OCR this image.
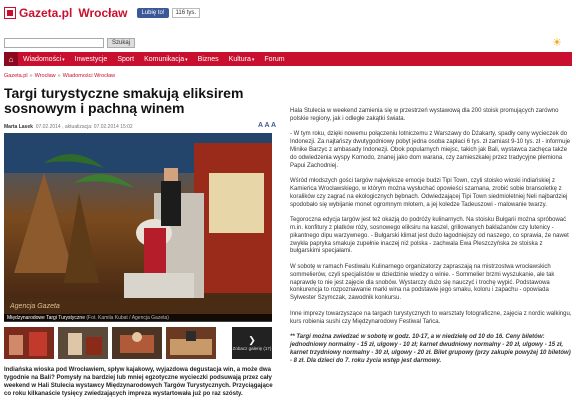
Gazeta.pl Wrocław	Lubię to!	116 tys.
Szukaj	☀
⌂	Wiadomości▾	Inwestycje	Sport	Komunikacja▾	Biznes	Kultura▾	Forum
Gazeta.pl » Wrocław » Wiadomości Wrocław
Targi turystyczne smakują eliksirem sosnowym i pachną winem
Marta Lasek 07.02.2014 , aktualizacja: 07.02.2014 15:02	A A A
Agencja Gazeta
Międzynarodowe Targi Turystyczne (Fot. Kamila Kubat / Agencja Gazeta)
❯
Zobacz galerię (17)

Indiańska wioska pod Wrocławiem, spływ kajakowy, wyjazdowa degustacja win, a może dwa tygodnie na Bali? Pomysły na bardziej lub mniej egzotyczne wycieczki podsuwają przez cały weekend w Hali Stulecia wystawcy Międzynarodowych Targów Turystycznych. Przyciągające co roku kilkanaście tysięcy zwiedzających impreza wystartowała już po raz szósty.

Hala Stulecia w weekend zamienia się w przestrzeń wystawową dla 200 stoisk promujących zarówno polskie regiony, jak i odległe zakątki świata.

- W tym roku, dzięki nowemu połączeniu lotniczemu z Warszawy do Dżakarty, spadły ceny wycieczek do Indonezji. Za najtańszy dwutygodniowy pobyt jedna osoba zapłaci 6 tys. zł zamiast 9-10 tys. zł - informuje Minike Barzyc z ambasady Indonezji. Obok popularnych miejsc, takich jak Bali, wystawca zachęca także do odwiedzenia wyspy Komodo, znanej jako dom warana, czy zamieszkałej przez tradycyjne plemiona Papui Zachodniej.

Wśród młodszych gości targów największe emocje budzi Tipi Town, czyli stoisko wioski indiańskiej z Kamieńca Wrocławskiego, w którym można wysłuchać opowieści szamana, zrobić sobie bransoletkę z koralików czy zagrać na ekologicznych bębnach. Odwiedzającej Tipi Town siedmioletniej Neli najbardziej spodobało się wybijanie monet ogromnym młotem, a jej koledze Tadeuszowi - malowanie twarzy.

Tegoroczna edycja targów jest też okazją do podróży kulinarnych. Na stoisku Bułgarii można spróbować m.in. konfitury z płatków róży, sosnowego eliksiru na kaszel, grillowanych baklażanów czy lutenicy - pikantnego dipu warzywnego. - Bułgarski klimat jest dużo łagodniejszy od naszego, co sprawia, że nawet zwykła papryka smakuje zupełnie inaczej niż polska - zachwala Ewa Pleszczyńska ze stoiska z bułgarskimi specjałami.

W sobotę w ramach Festiwalu Kulinarnego organizatorzy zapraszają na mistrzostwa wrocławskich sommelierów, czyli specjalistów w dziedzinie wiedzy o winie. - Sommelier brzmi wyszukanie, ale tak naprawdę to nie jest zajęcie dla snobów. Wystarczy dużo się nauczyć i trochę wypić. Podstawowa konkurencja to rozpoznawanie marki wina na podstawie jego smaku, koloru i zapachu - opowiada Sylwester Szymczak, zawodnik konkursu.

Inne imprezy towarzyszące na targach turystycznych to warsztaty fotograficzne, zajęcia z nordic walkingu, kurs robienia sushi czy Międzynarodowy Festiwal Tańca.

** Targi można zwiedzać w sobotę w godz. 10-17, a w niedzielę od 10 do 16. Ceny biletów: jednodniowy normalny - 15 zł, ulgowy - 10 zł; karnet dwudniowy normalny - 20 zł, ulgowy - 15 zł, karnet trzydniowy normalny - 30 zł, ulgowy - 20 zł. Bilet grupowy (przy zakupie powyżej 10 biletów) - 8 zł. Dla dzieci do 7. roku życia wstęp jest darmowy.
